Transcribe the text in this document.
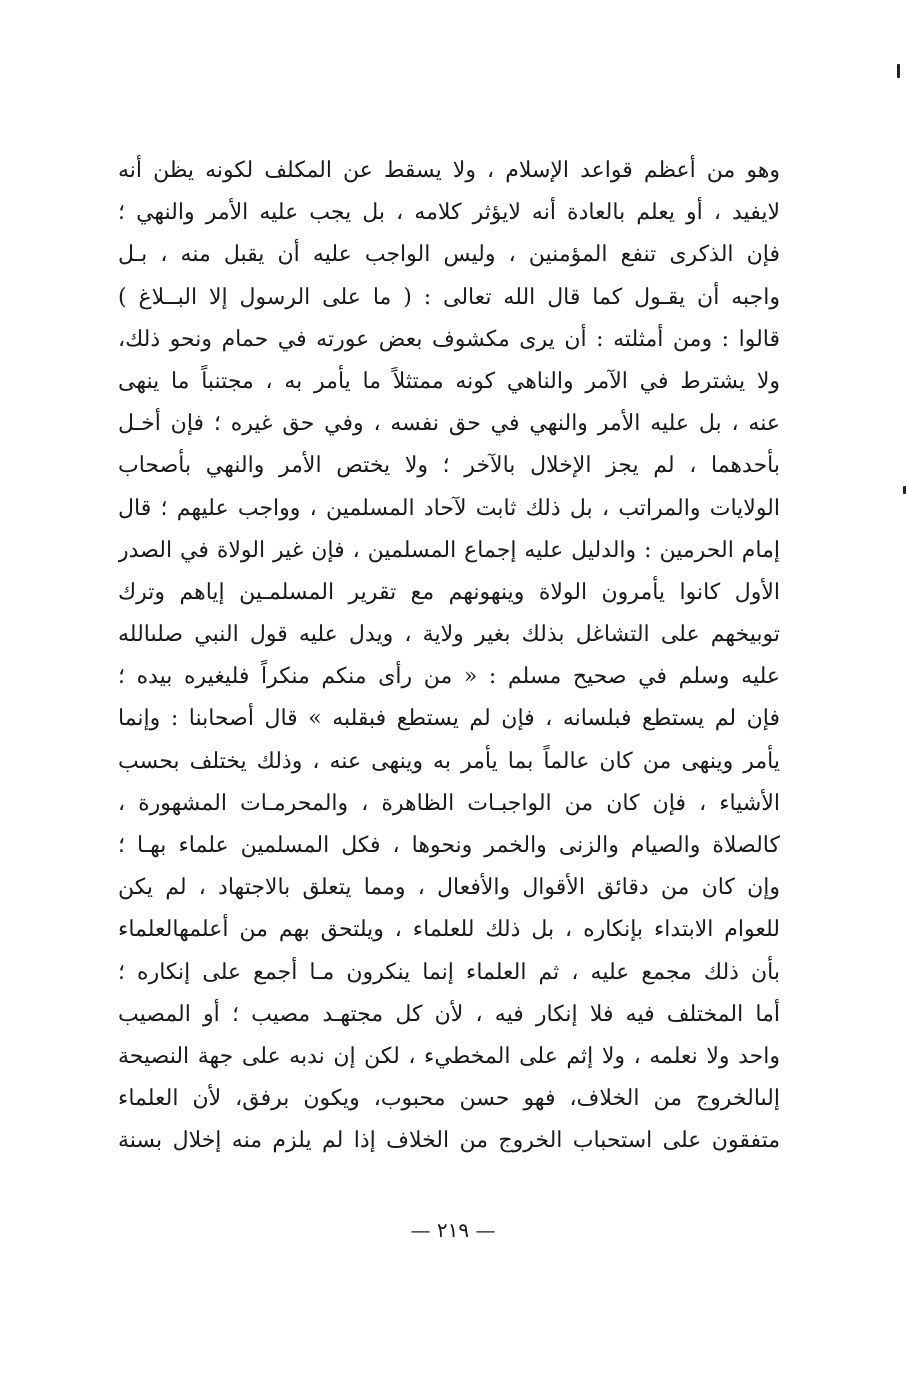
وهو من أعظم قواعد الإسلام ، ولا يسقط عن المكلف لكونه يظن أنه
لايفيد ، أو يعلم بالعادة أنه لايؤثر كلامه ، بل يجب عليه الأمر والنهي ؛
فإن الذكرى تنفع المؤمنين ، وليس الواجب عليه أن يقبل منه ، بـل
واجبه أن يقـول كما قال الله تعالى : ( ما على الرسول إلا البــلاغ )
قالوا : ومن أمثلته : أن يرى مكشوف بعض عورته في حمام ونحو ذلك،
ولا يشترط في الآمر والناهي كونه ممتثلاً ما يأمر به ، مجتنباً ما ينهى
عنه ، بل عليه الأمر والنهي في حق نفسه ، وفي حق غيره ؛ فإن أخـل
بأحدهما ، لم يجز الإخلال بالآخر ؛ ولا يختص الأمر والنهي بأصحاب
الولايات والمراتب ، بل ذلك ثابت لآحاد المسلمين ، وواجب عليهم ؛ قال
إمام الحرمين : والدليل عليه إجماع المسلمين ، فإن غير الولاة في الصدر
الأول كانوا يأمرون الولاة وينهونهم مع تقرير المسلمـين إياهم وترك
توبيخهم على التشاغل بذلك بغير ولاية ، ويدل عليه قول النبي صلىالله
عليه وسلم في صحيح مسلم : « من رأى منكم منكراً فليغيره بيده ؛
فإن لم يستطع فبلسانه ، فإن لم يستطع فبقلبه » قال أصحابنا : وإنما
يأمر وينهى من كان عالماً بما يأمر به وينهى عنه ، وذلك يختلف بحسب
الأشياء ، فإن كان من الواجبـات الظاهرة ، والمحرمـات المشهورة ،
كالصلاة والصيام والزنى والخمر ونحوها ، فكل المسلمين علماء بهـا ؛
وإن كان من دقائق الأقوال والأفعال ، ومما يتعلق بالاجتهاد ، لم يكن
للعوام الابتداء بإنكاره ، بل ذلك للعلماء ، ويلتحق بهم من أعلمهالعلماء
بأن ذلك مجمع عليه ، ثم العلماء إنما ينكرون مـا أجمع على إنكاره ؛
أما المختلف فيه فلا إنكار فيه ، لأن كل مجتهـد مصيب ؛ أو المصيب
واحد ولا نعلمه ، ولا إثم على المخطيء ، لكن إن ندبه على جهة النصيحة
إلىالخروج من الخلاف، فهو حسن محبوب، ويكون برفق، لأن العلماء
متفقون على استحباب الخروج من الخلاف إذا لم يلزم منه إخلال بسنة
— ٢١٩ —
